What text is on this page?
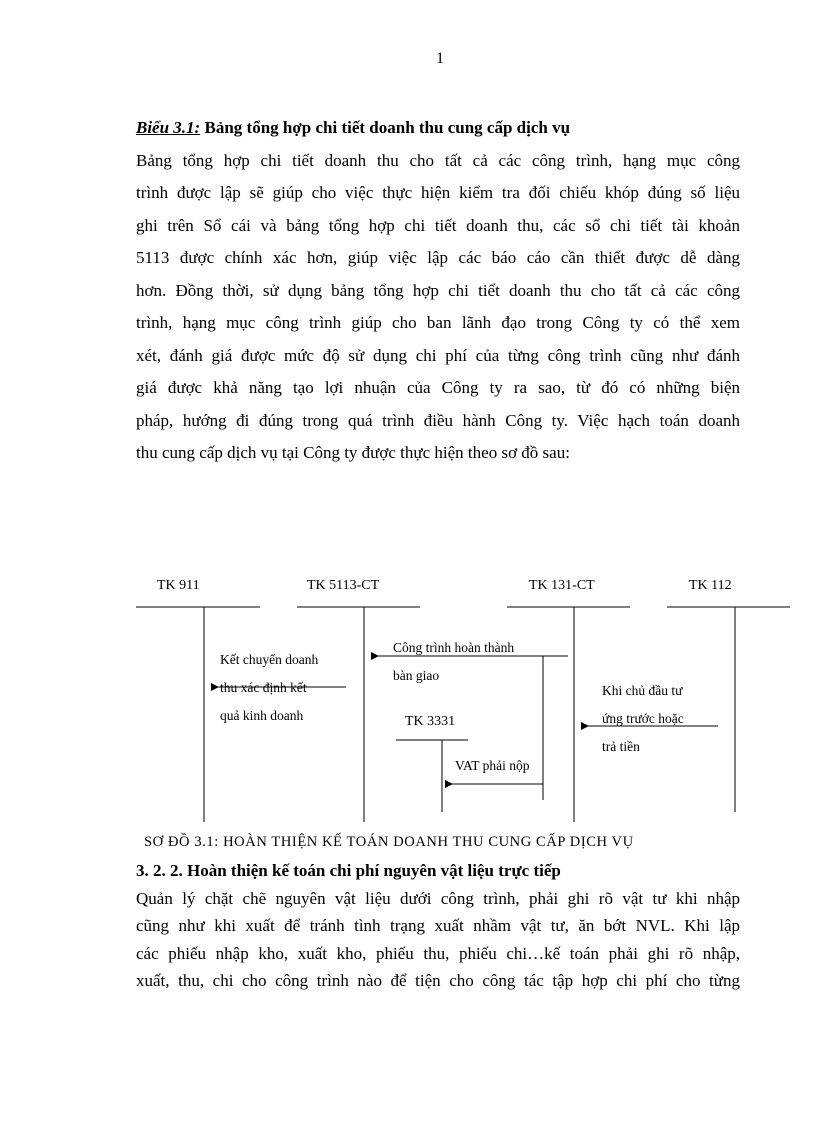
1
Biểu 3.1: Bảng tổng hợp chi tiết doanh thu cung cấp dịch vụ
Bảng tổng hợp chi tiết doanh thu cho tất cả các công trình, hạng mục công
trình được lập sẽ giúp cho việc thực hiện kiểm tra đối chiếu khóp đúng số liệu
ghi trên Sổ cái và bảng tổng hợp chi tiết doanh thu, các sổ chi tiết tài khoản
5113 được chính xác hơn, giúp việc lập các báo cáo cần thiết được dễ dàng
hơn. Đồng thời, sử dụng bảng tổng hợp chi tiết doanh thu cho tất cả các công
trình, hạng mục công trình giúp cho ban lãnh đạo trong Công ty có thể xem
xét, đánh giá được mức độ sử dụng chi phí của từng công trình cũng như đánh
giá được khả năng tạo lợi nhuận của Công ty ra sao, từ đó có những biện
pháp, hướng đi đúng trong quá trình điều hành Công ty. Việc hạch toán doanh
thu cung cấp dịch vụ tại Công ty được thực hiện theo sơ đồ sau:
TK 911	TK 5113-CT	TK 131-CT	TK 112
TK 3331
Kết chuyển doanh
thu xác định kết
quả kinh doanh
Công trình hoàn thành
bàn giao
Khi chủ đầu tư
ứng trước hoặc
trả tiền
VAT phải nộp
SƠ ĐỒ 3.1: HOÀN THIỆN KẾ TOÁN DOANH THU CUNG CẤP DỊCH VỤ
3. 2. 2. Hoàn thiện kế toán chi phí nguyên vật liệu trực tiếp
Quản lý chặt chẽ nguyên vật liệu dưới công trình, phải ghi rõ vật tư khi nhập
cũng như khi xuất để tránh tình trạng xuất nhầm vật tư, ăn bớt NVL. Khi lập
các phiếu nhập kho, xuất kho, phiếu thu, phiếu chi…kế toán phải ghi rõ nhập,
xuất, thu, chi cho công trình nào để tiện cho công tác tập hợp chi phí cho từng
